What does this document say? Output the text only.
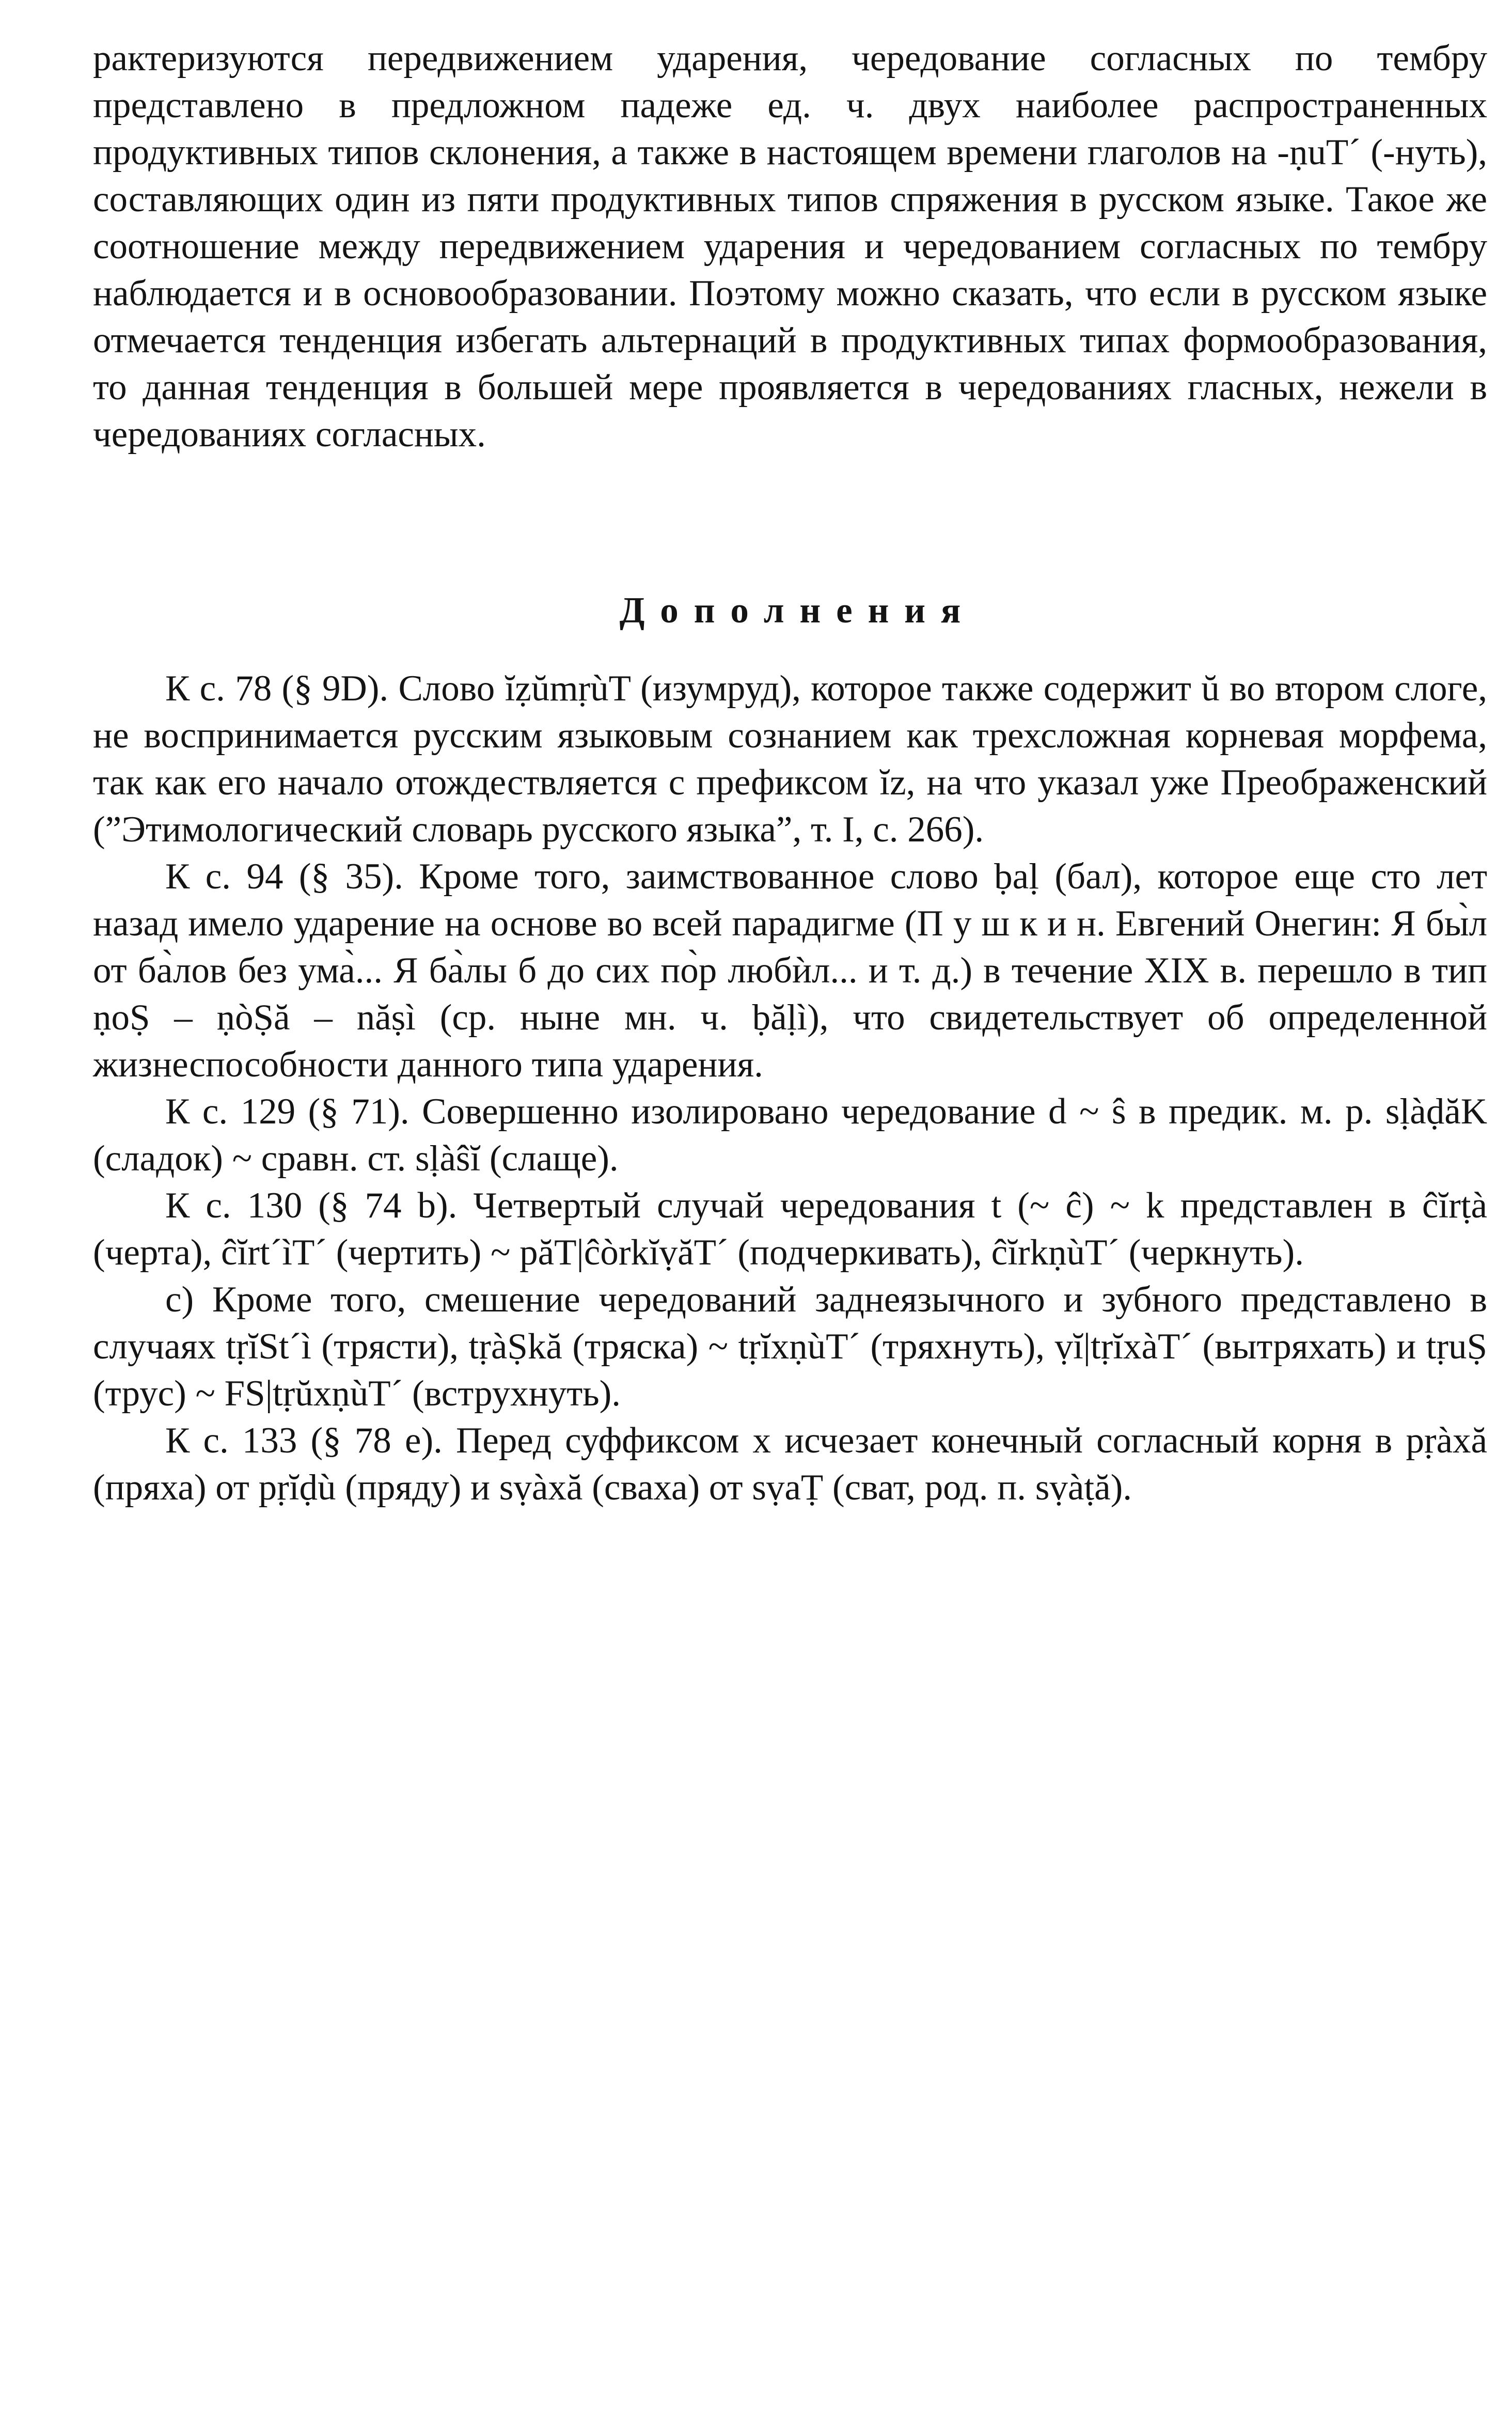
рактеризуются передвижением ударения, чередование согласных по тембру представлено в предложном падеже ед. ч. двух наиболее распространенных продуктивных типов склонения, а также в настоящем времени глаголов на -ṇuT´ (-нуть), составляющих один из пяти продуктивных типов спряжения в русском языке. Такое же соотношение между передвижением ударения и чередованием согласных по тембру наблюдается и в основообразовании. Поэтому можно сказать, что если в русском языке отмечается тенденция избегать альтернаций в продуктивных типах формообразования, то данная тенденция в большей мере проявляется в чередованиях гласных, нежели в чередованиях согласных.

Дополнения

К с. 78 (§ 9D). Слово ĭẓŭmṛùT (изумруд), которое также содержит ŭ во втором слоге, не воспринимается русским языковым сознанием как трехсложная корневая морфема, так как его начало отождествляется с префиксом ĭz, на что указал уже Преображенский (”Этимологический словарь русского языка”, т. I, с. 266).

К с. 94 (§ 35). Кроме того, заимствованное слово ḅaḷ (бал), которое еще сто лет назад имело ударение на основе во всей парадигме (П у ш к и н. Евгений Онегин: Я бы̀л от ба̀лов без ума̀... Я ба̀лы б до сих по̀р любѝл... и т. д.) в течение XIX в. перешло в тип ṇoṢ – ṇòṢă – năṣì (ср. ныне мн. ч. ḅăḷì), что свидетельствует об определенной жизнеспособности данного типа ударения.

К с. 129 (§ 71). Совершенно изолировано чередование d ~ ŝ в предик. м. р. sḷàḍăK (сладок) ~ сравн. ст. sḷàŝĭ (слаще).

К с. 130 (§ 74 b). Четвертый случай чередования t (~ ĉ) ~ k представлен в ĉĭrṭà (черта), ĉĭrt´ìT´ (чертить) ~ păT|ĉòrkĭṿăT´ (подчеркивать), ĉĭrkṇùT´ (черкнуть).

c) Кроме того, смешение чередований заднеязычного и зубного представлено в случаях tṛĭSt´ì (трясти), tṛàṢkă (тряска) ~ tṛĭxṇùT´ (тряхнуть), ṿĭ|tṛĭxàT´ (вытряхать) и tṛuṢ (трус) ~ FS|tṛŭxṇùT´ (вструхнуть).

К с. 133 (§ 78 e). Перед суффиксом x исчезает конечный согласный корня в pṛàxă (пряха) от pṛĭḍù (пряду) и sṿàxă (сваха) от sṿaṬ (сват, род. п. sṿàṭă).
